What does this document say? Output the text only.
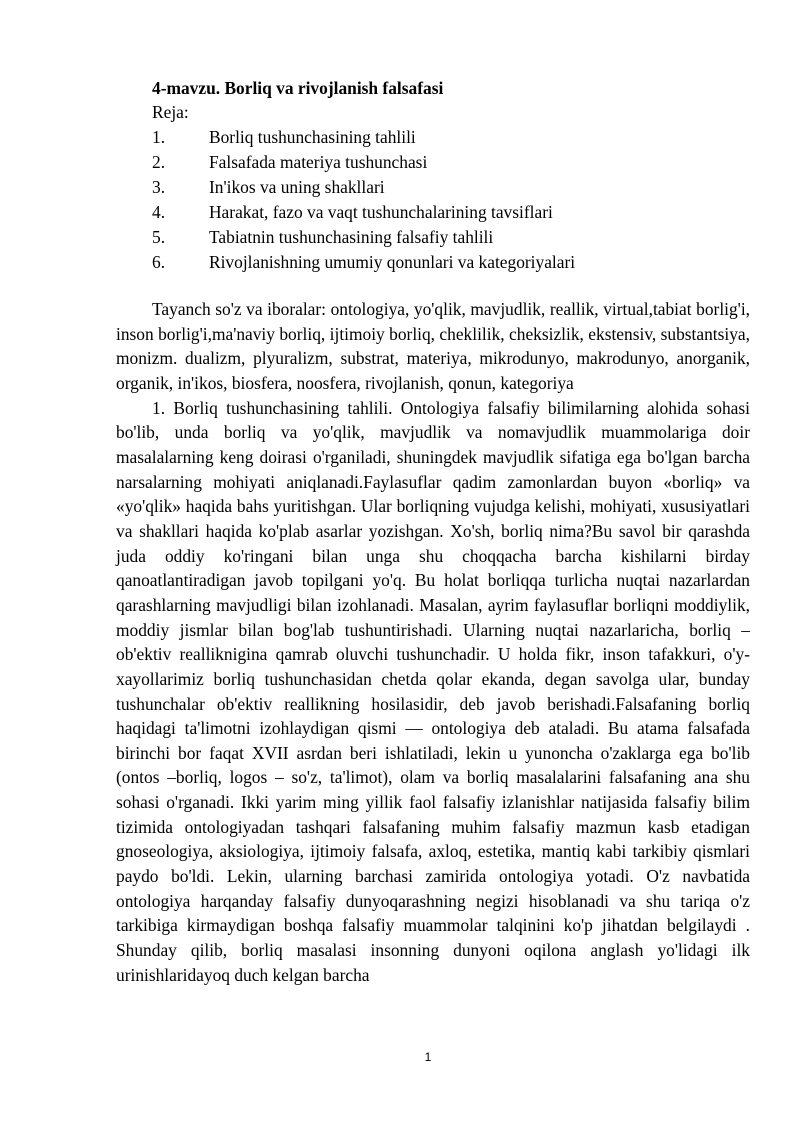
4-mavzu. Borliq va rivojlanish falsafasi
Reja:
1.	Borliq tushunchasining tahlili
2.	Falsafada materiya tushunchasi
3.	In'ikos va uning shakllari
4.	Harakat, fazo va vaqt tushunchalarining tavsiflari
5.	Tabiatnin tushunchasining falsafiy tahlili
6.	Rivojlanishning umumiy qonunlari va kategoriyalari

Tayanch so'z va iboralar: ontologiya, yo'qlik, mavjudlik, reallik, virtual,tabiat borlig'i, inson borlig'i,ma'naviy borliq, ijtimoiy borliq, cheklilik, cheksizlik, ekstensiv, substantsiya, monizm. dualizm, plyuralizm, substrat, materiya, mikrodunyo, makrodunyo, anorganik, organik, in'ikos, biosfera, noosfera, rivojlanish, qonun, kategoriya

1. Borliq tushunchasining tahlili. Ontologiya falsafiy bilimilarning alohida sohasi bo'lib, unda borliq va yo'qlik, mavjudlik va nomavjudlik muammolariga doir masalalarning keng doirasi o'rganiladi, shuningdek mavjudlik sifatiga ega bo'lgan barcha narsalarning mohiyati aniqlanadi.Faylasuflar qadim zamonlardan buyon «borliq» va «yo'qlik» haqida bahs yuritishgan. Ular borliqning vujudga kelishi, mohiyati, xususiyatlari va shakllari haqida ko'plab asarlar yozishgan. Xo'sh, borliq nima?Bu savol bir qarashda juda oddiy ko'ringani bilan unga shu choqqacha barcha kishilarni birday qanoatlantiradigan javob topilgani yo'q. Bu holat borliqqa turlicha nuqtai nazarlardan qarashlarning mavjudligi bilan izohlanadi. Masalan, ayrim faylasuflar borliqni moddiylik, moddiy jismlar bilan bog'lab tushuntirishadi. Ularning nuqtai nazarlaricha, borliq – ob'ektiv reallikniginа qamrab oluvchi tushunchadir. U holda fikr, inson tafakkuri, o'y-xayollarimiz borliq tushunchasidan chetda qolar ekanda, degan savolga ular, bunday tushunchalar ob'ektiv reallikning hosilasidir, deb javob berishadi.Falsafaning borliq haqidagi ta'limotni izohlaydigan qismi — ontologiya deb ataladi. Bu atama falsafada birinchi bor faqat XVII asrdan beri ishlatiladi, lekin u yunoncha o'zaklarga ega bo'lib (ontos –borliq, logos – so'z, ta'limot), olam va borliq masalalarini falsafaning ana shu sohasi o'rganadi. Ikki yarim ming yillik faol falsafiy izlanishlar natijasida falsafiy bilim tizimida ontologiyadan tashqari falsafaning muhim falsafiy mazmun kasb etadigan gnoseologiya, aksiologiya, ijtimoiy falsafa, axloq, estetika, mantiq kabi tarkibiy qismlari paydo bo'ldi. Lekin, ularning barchasi zamirida ontologiya yotadi. O'z navbatida ontologiya harqanday falsafiy dunyoqarashning negizi hisoblanadi va shu tariqa o'z tarkibiga kirmaydigan boshqa falsafiy muammolar talqinini ko'p jihatdan belgilaydi . Shunday qilib, borliq masalasi insonning dunyoni oqilona anglash yo'lidagi ilk urinishlaridayoq duch kelgan barcha

1
